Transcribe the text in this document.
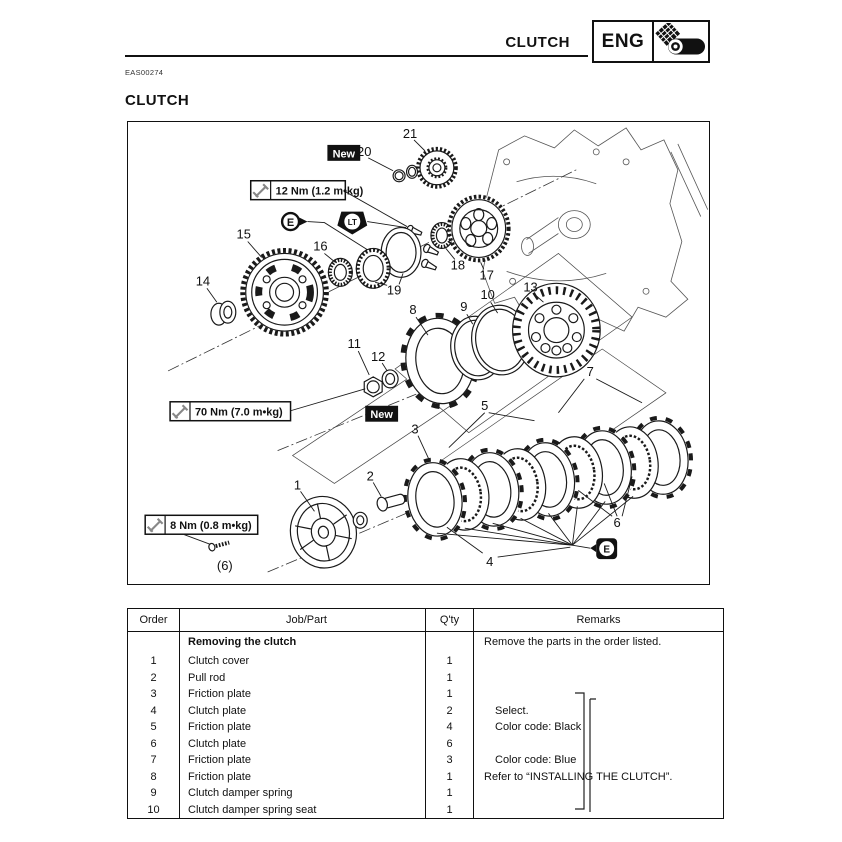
CLUTCH	ENG
EAS00274
CLUTCH
New
12 Nm (1.2 m•kg)
E	LT
New
70 Nm (7.0 m•kg)
E
8 Nm (0.8 m•kg)
(6)
1
2
3
4
5
6
7
8	9
10
11
12
13
14
15
16
17
18
19
20
21
Order	Job/Part	Q'ty	Remarks
	Removing the clutch		Remove the parts in the order listed.
1	Clutch cover	1	
2	Pull rod	1	
3	Friction plate	1	
4	Clutch plate	2	Select.
5	Friction plate	4	Color code: Black
6	Clutch plate	6	
7	Friction plate	3	Color code: Blue
8	Friction plate	1	Refer to “INSTALLING THE CLUTCH”.
9	Clutch damper spring	1	
10	Clutch damper spring seat	1	
